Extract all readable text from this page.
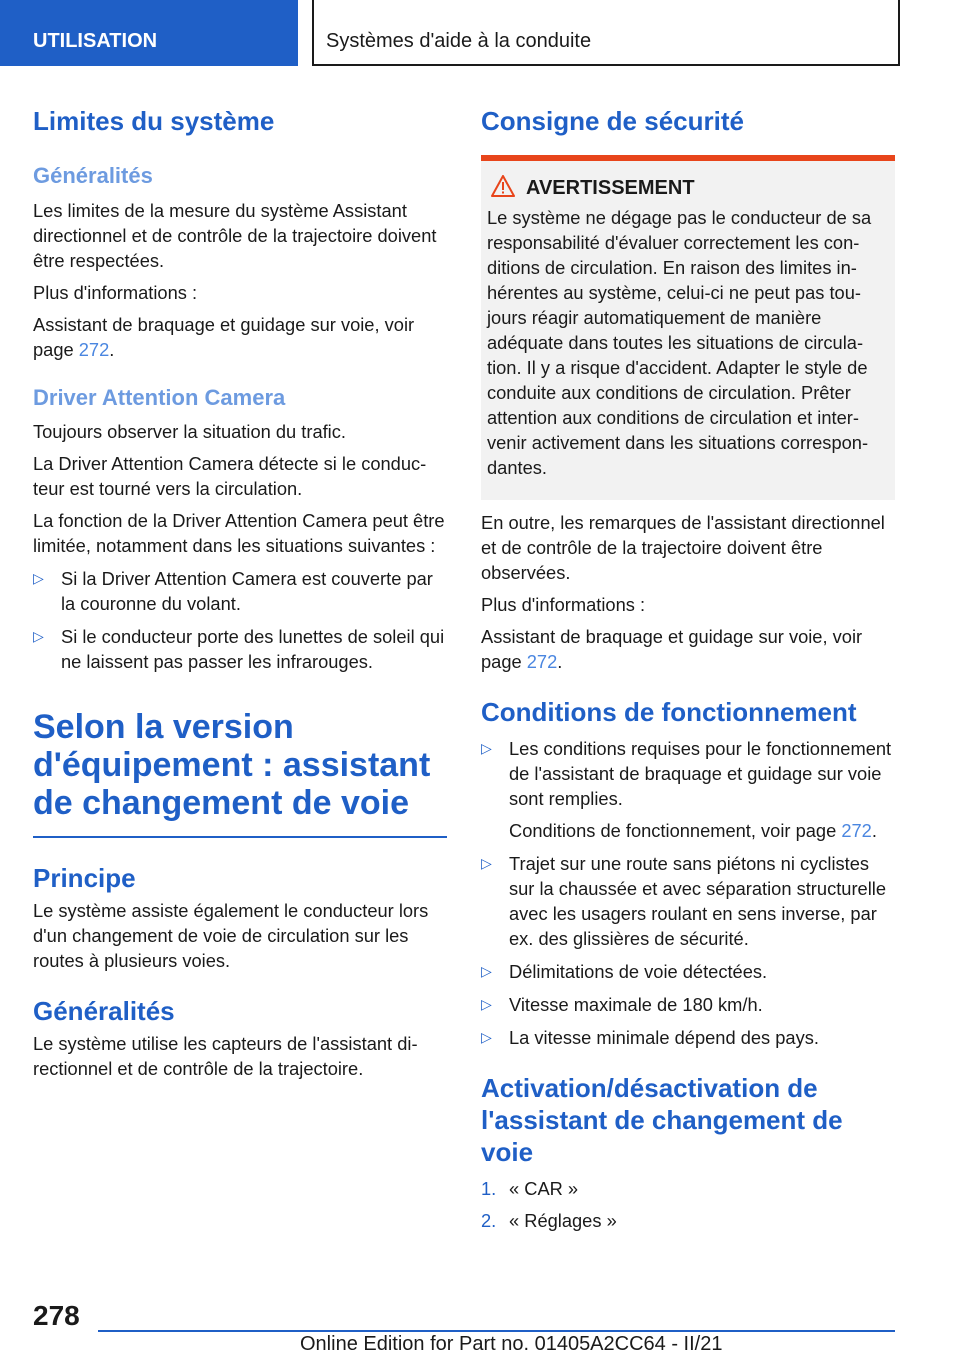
UTILISATION	Systèmes d'aide à la conduite
Limites du système
Généralités

Les limites de la mesure du système Assistant directionnel et de contrôle de la trajectoire doivent être respectées.

Plus d'informations :

Assistant de braquage et guidage sur voie, voir page 272.

Driver Attention Camera

Toujours observer la situation du trafic.

La Driver Attention Camera détecte si le conducteur est tourné vers la circulation.

La fonction de la Driver Attention Camera peut être limitée, notamment dans les situations suivantes :

▷ Si la Driver Attention Camera est couverte par la couronne du volant.
▷ Si le conducteur porte des lunettes de soleil qui ne laissent pas passer les infrarouges.
Selon la version d'équipement : assistant de changement de voie
Principe

Le système assiste également le conducteur lors d'un changement de voie de circulation sur les routes à plusieurs voies.

Généralités

Le système utilise les capteurs de l'assistant directionnel et de contrôle de la trajectoire.

Consigne de sécurité
AVERTISSEMENT

Le système ne dégage pas le conducteur de sa responsabilité d'évaluer correctement les conditions de circulation. En raison des limites inhérentes au système, celui-ci ne peut pas toujours réagir automatiquement de manière adéquate dans toutes les situations de circulation. Il y a risque d'accident. Adapter le style de conduite aux conditions de circulation. Prêter attention aux conditions de circulation et intervenir activement dans les situations correspondantes.

En outre, les remarques de l'assistant directionnel et de contrôle de la trajectoire doivent être observées.

Plus d'informations :

Assistant de braquage et guidage sur voie, voir page 272.

Conditions de fonctionnement
▷ Les conditions requises pour le fonctionnement de l'assistant de braquage et guidage sur voie sont remplies.

Conditions de fonctionnement, voir page 272.

▷ Trajet sur une route sans piétons ni cyclistes sur la chaussée et avec séparation structurelle avec les usagers roulant en sens inverse, par ex. des glissières de sécurité.
▷ Délimitations de voie détectées.
▷ Vitesse maximale de 180 km/h.
▷ La vitesse minimale dépend des pays.
Activation/désactivation de l'assistant de changement de voie
1. « CAR »
2. « Réglages »
278
Online Edition for Part no. 01405A2CC64 - II/21
